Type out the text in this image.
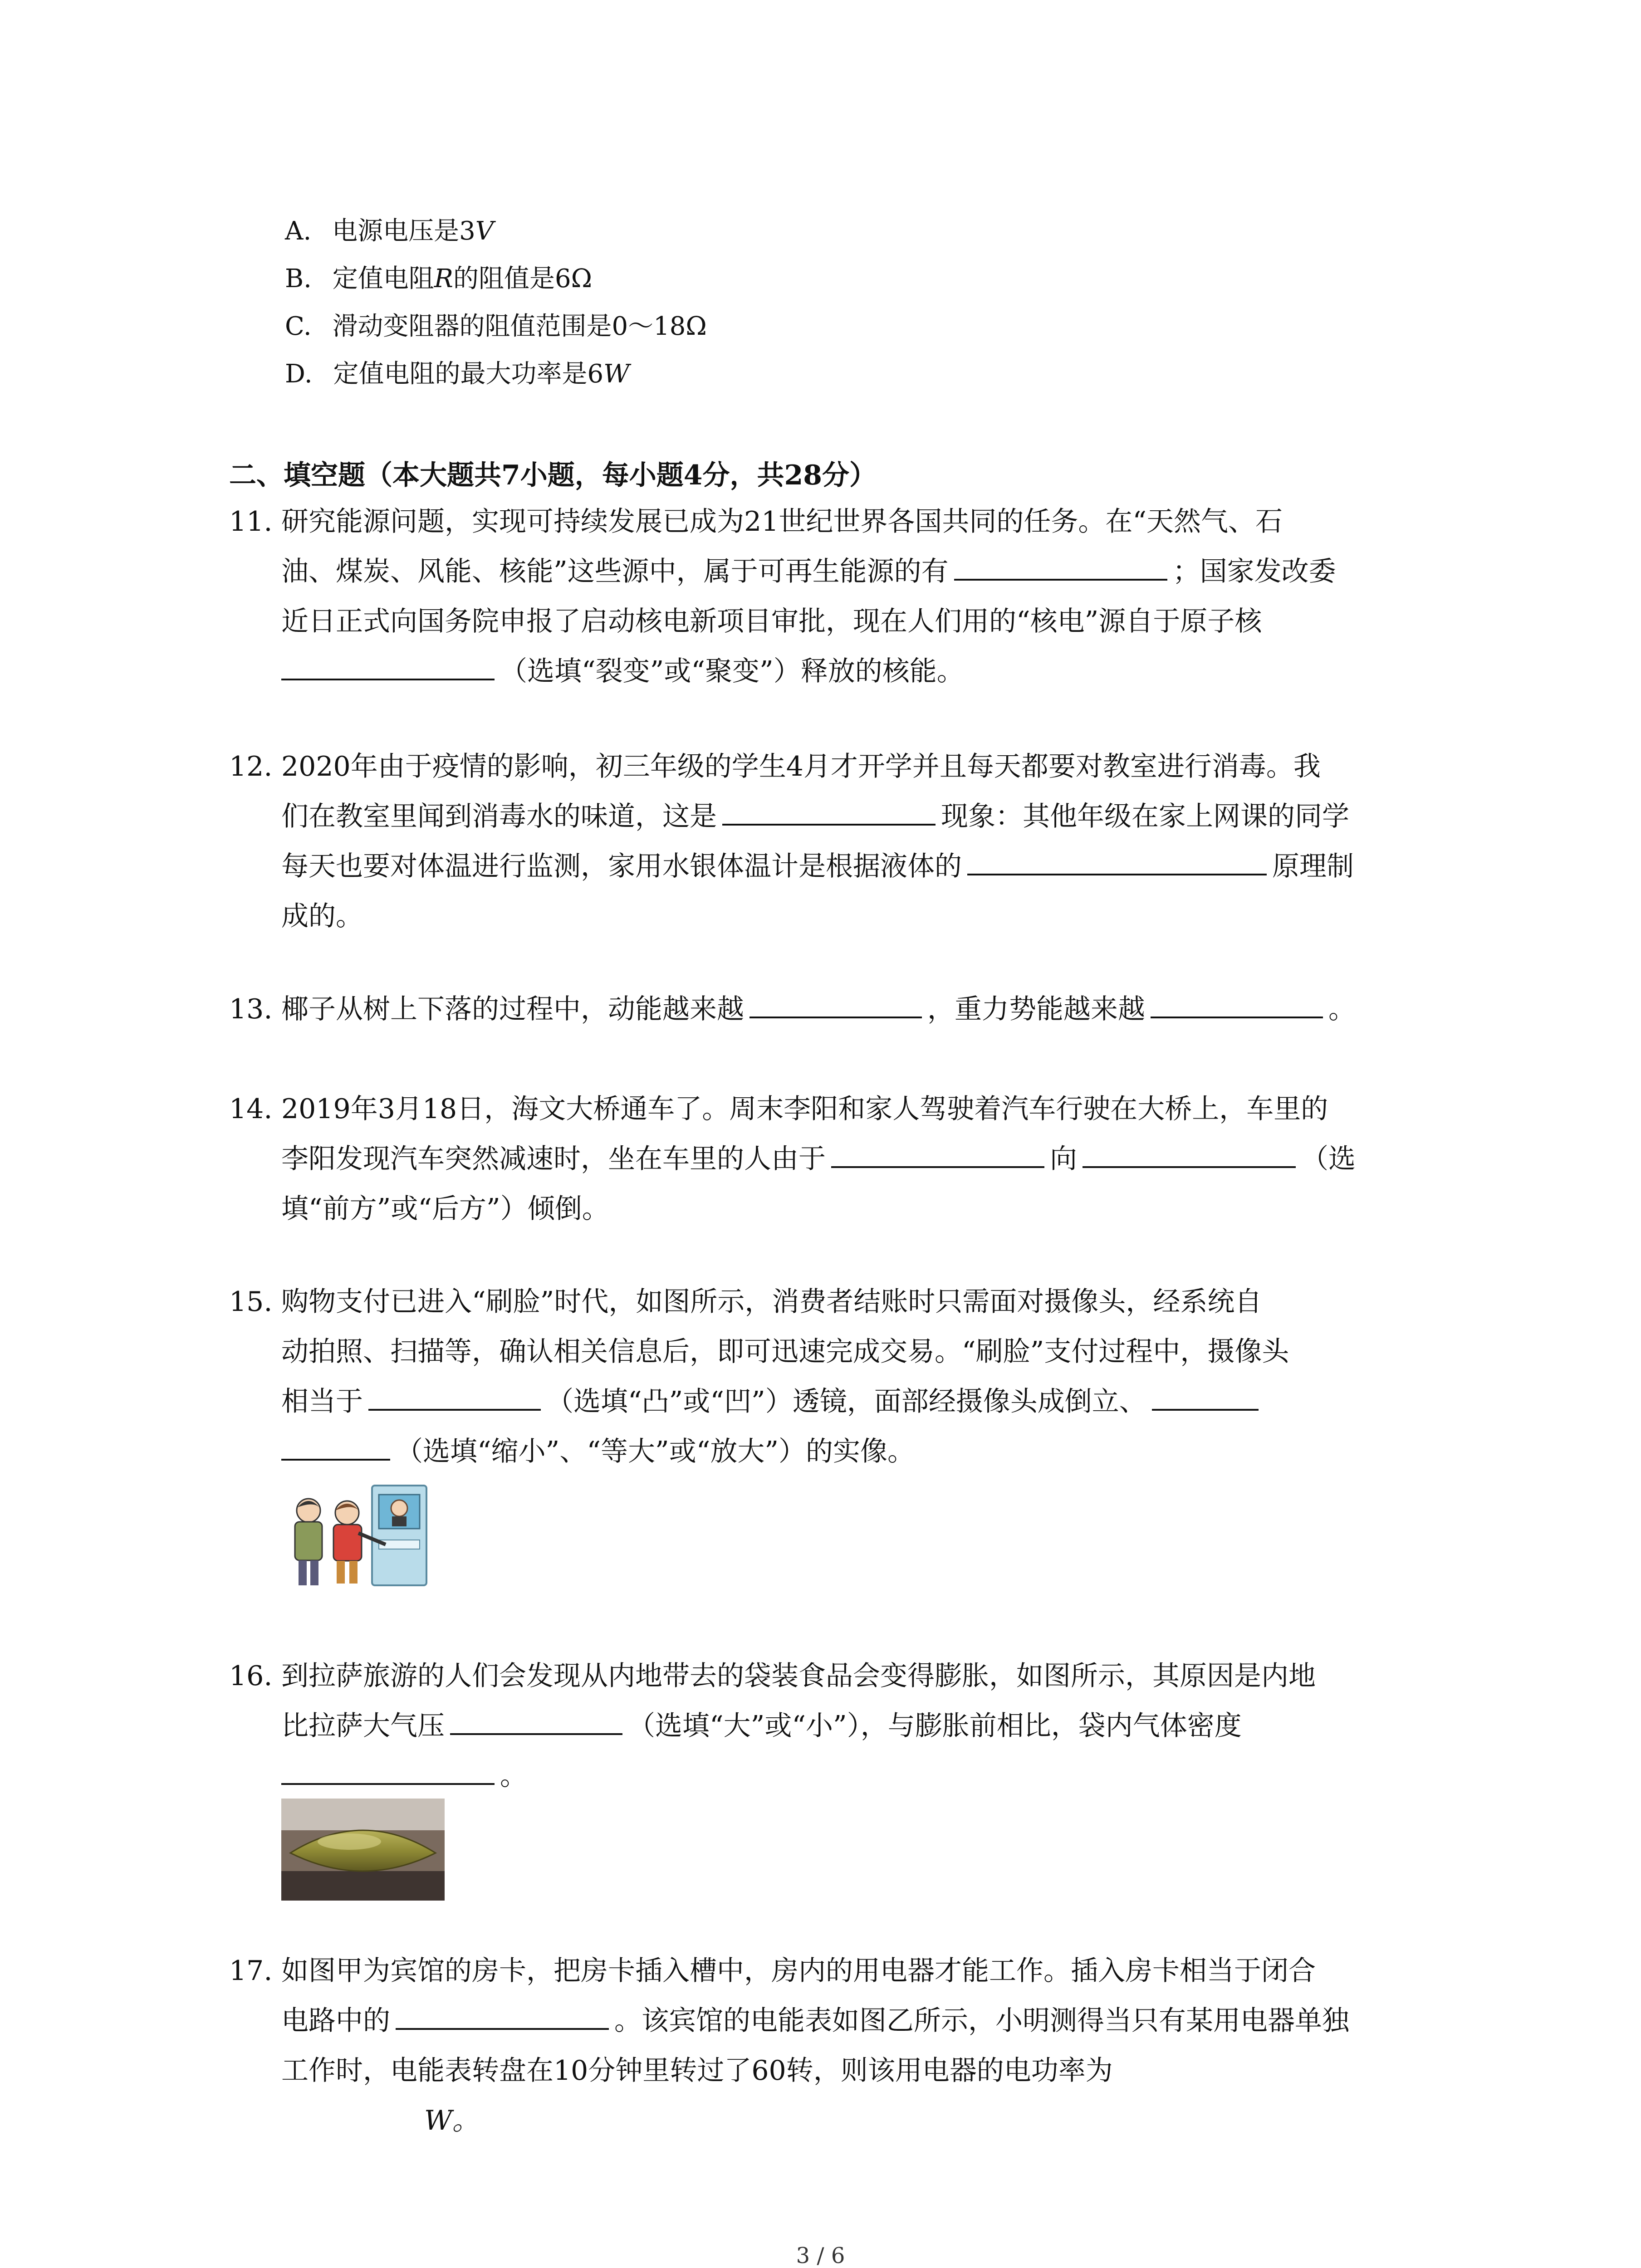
A. 电源电压是3V
B. 定值电阻R的阻值是6Ω
C. 滑动变阻器的阻值范围是0～18Ω
D. 定值电阻的最大功率是6W
二、填空题（本大题共7小题，每小题4分，共28分）
11. 研究能源问题，实现可持续发展已成为21世纪世界各国共同的任务。在“天然气、石
油、煤炭、风能、核能”这些源中，属于可再生能源的有	；国家发改委
近日正式向国务院申报了启动核电新项目审批，现在人们用的“核电”源自于原子核
（选填“裂变”或“聚变”）释放的核能。
12. 2020年由于疫情的影响，初三年级的学生4月才开学并且每天都要对教室进行消毒。我
们在教室里闻到消毒水的味道，这是	现象：其他年级在家上网课的同学
每天也要对体温进行监测，家用水银体温计是根据液体的	原理制
成的。
13. 椰子从树上下落的过程中，动能越来越	，重力势能越来越	。
14. 2019年3月18日，海文大桥通车了。周末李阳和家人驾驶着汽车行驶在大桥上，车里的
李阳发现汽车突然减速时，坐在车里的人由于	向	（选
填“前方”或“后方”）倾倒。
15. 购物支付已进入“刷脸”时代，如图所示，消费者结账时只需面对摄像头，经系统自
动拍照、扫描等，确认相关信息后，即可迅速完成交易。“刷脸”支付过程中，摄像头
相当于	（选填“凸”或“凹”）透镜，面部经摄像头成倒立、
（选填“缩小”、“等大”或“放大”）的实像。
16. 到拉萨旅游的人们会发现从内地带去的袋装食品会变得膨胀，如图所示，其原因是内地
比拉萨大气压	（选填“大”或“小”），与膨胀前相比，袋内气体密度
。
17. 如图甲为宾馆的房卡，把房卡插入槽中，房内的用电器才能工作。插入房卡相当于闭合
电路中的	。该宾馆的电能表如图乙所示，小明测得当只有某用电器单独
工作时，电能表转盘在10分钟里转过了60转，则该用电器的电功率为
W。
3 / 6
